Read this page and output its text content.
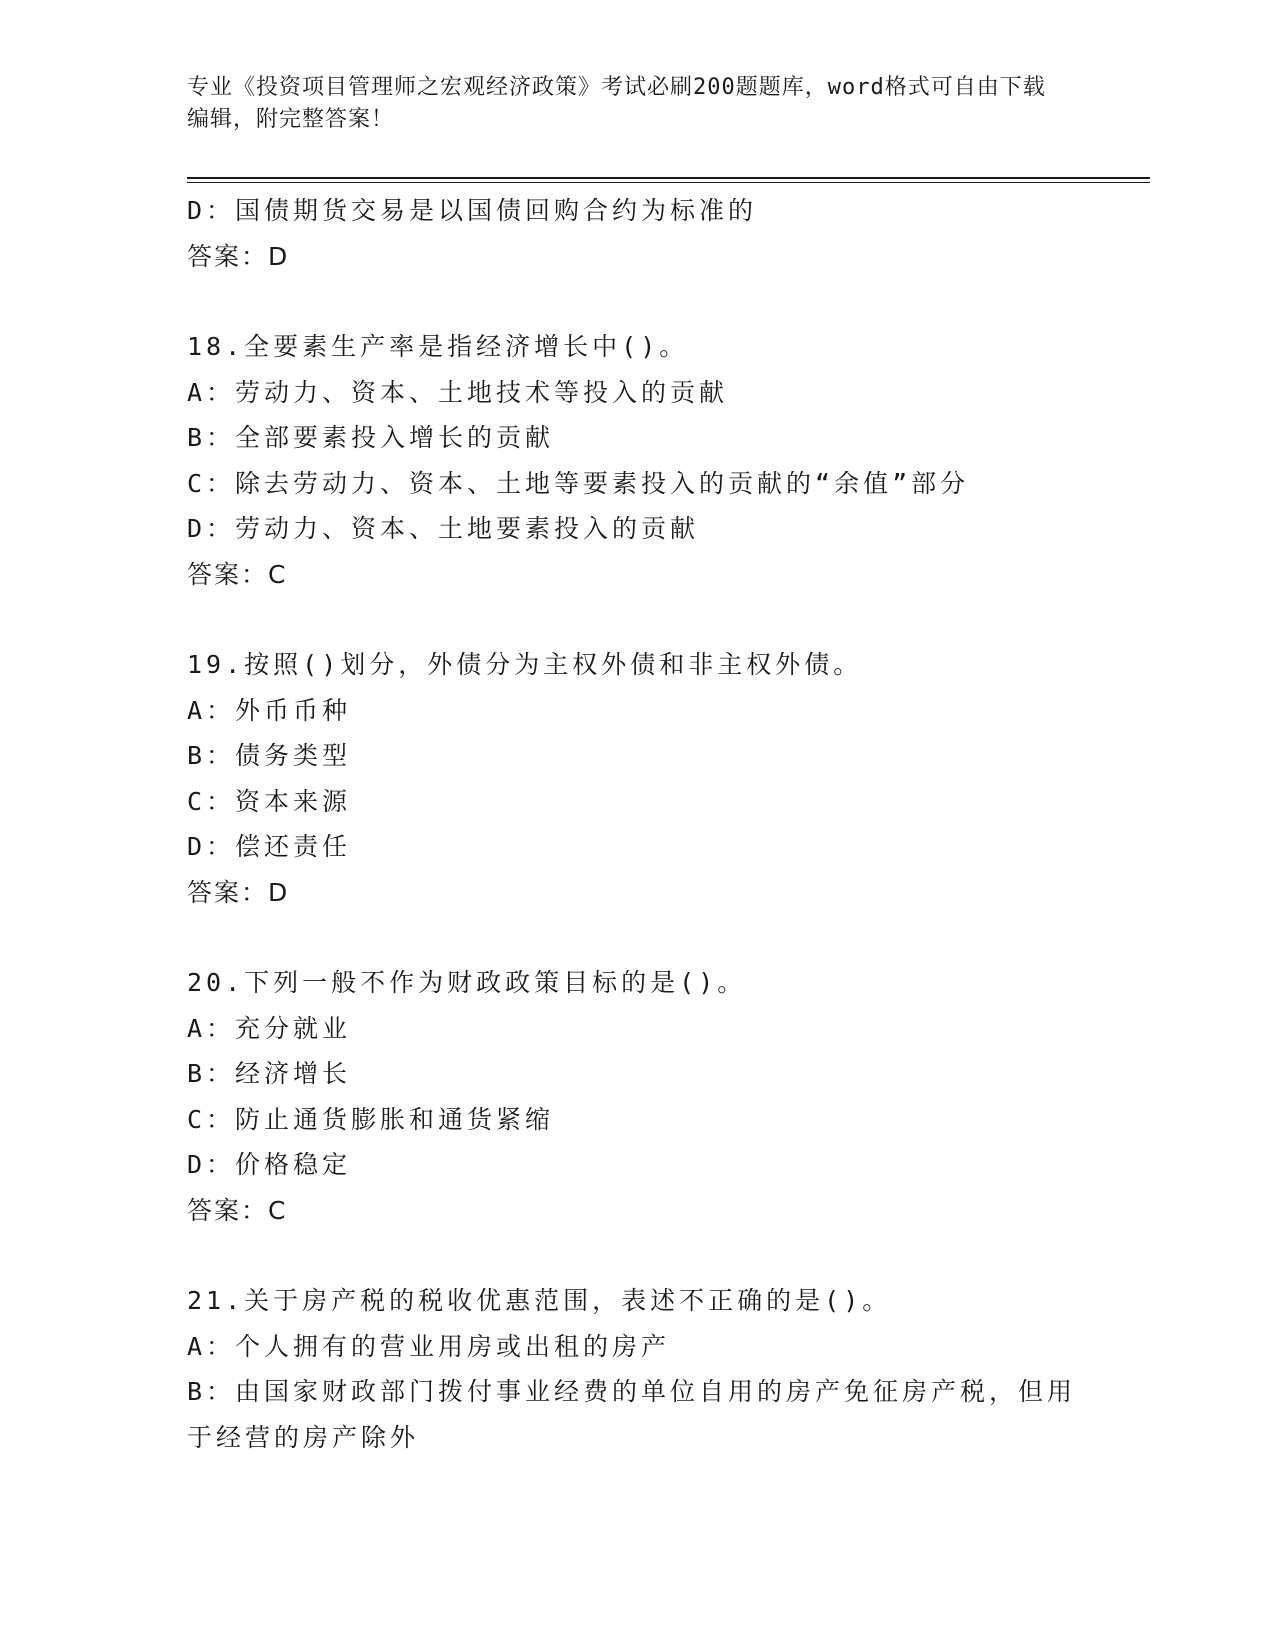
专业《投资项目管理师之宏观经济政策》考试必刷200题题库，word格式可自由下载编辑，附完整答案！
D：国债期货交易是以国债回购合约为标准的
答案：D
18.全要素生产率是指经济增长中()。
A：劳动力、资本、土地技术等投入的贡献
B：全部要素投入增长的贡献
C：除去劳动力、资本、土地等要素投入的贡献的“余值”部分
D：劳动力、资本、土地要素投入的贡献
答案：C
19.按照()划分，外债分为主权外债和非主权外债。
A：外币币种
B：债务类型
C：资本来源
D：偿还责任
答案：D
20.下列一般不作为财政政策目标的是()。
A：充分就业
B：经济增长
C：防止通货膨胀和通货紧缩
D：价格稳定
答案：C
21.关于房产税的税收优惠范围，表述不正确的是()。
A：个人拥有的营业用房或出租的房产
B：由国家财政部门拨付事业经费的单位自用的房产免征房产税，但用于经营的房产除外
